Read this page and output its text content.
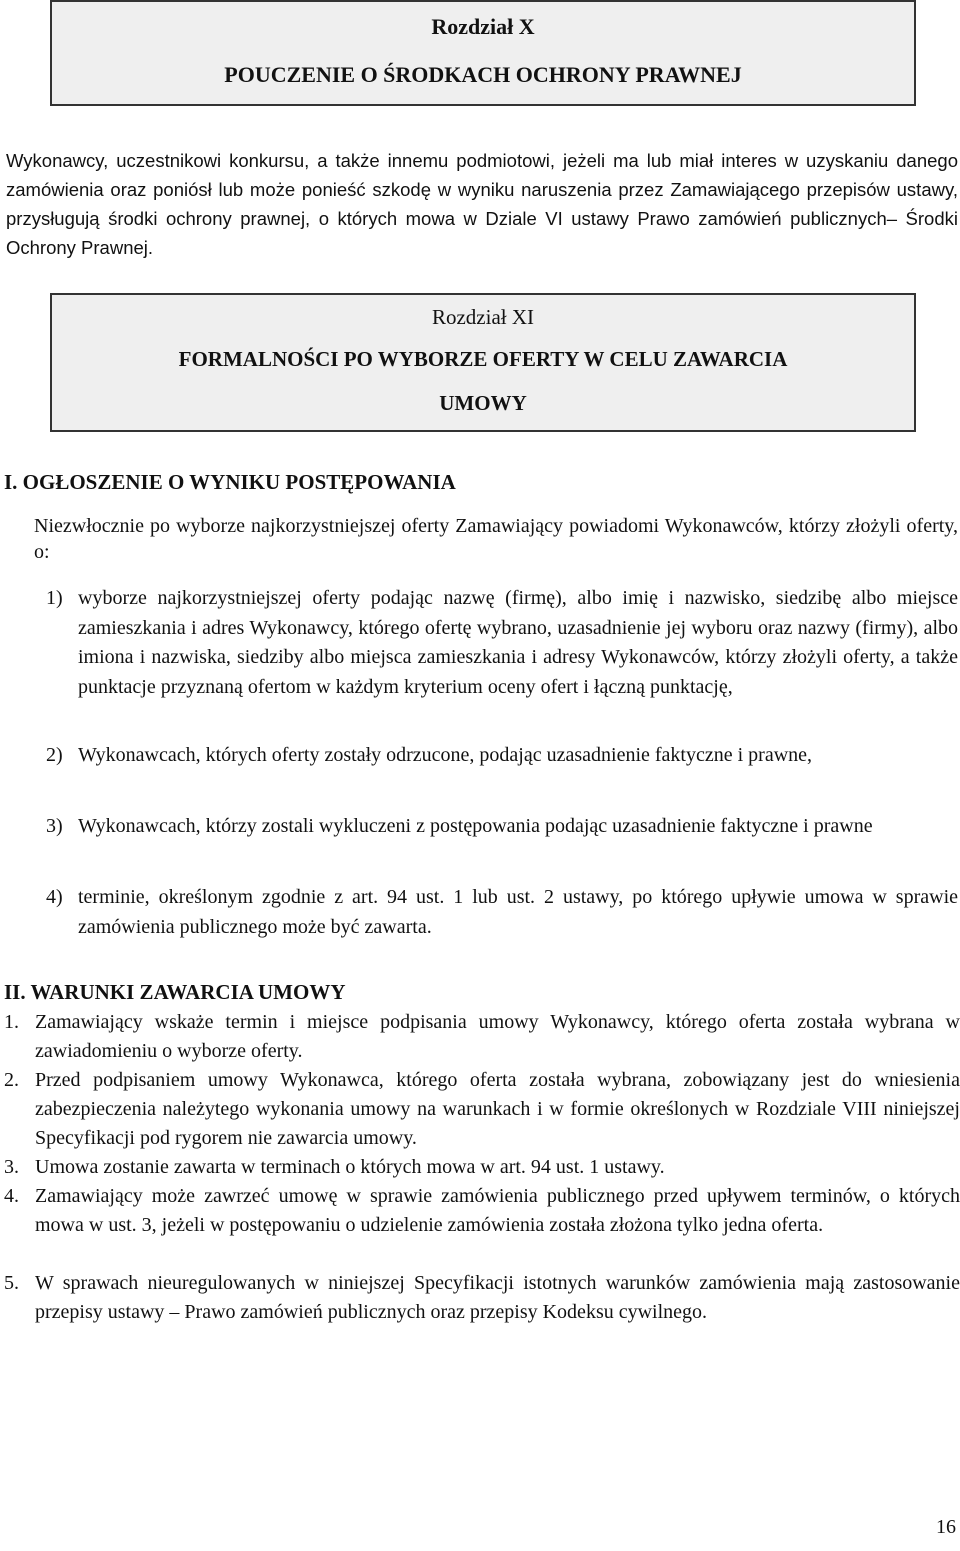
Rozdział X
POUCZENIE O ŚRODKACH OCHRONY PRAWNEJ
Wykonawcy, uczestnikowi konkursu, a także innemu podmiotowi, jeżeli ma lub miał interes w uzyskaniu danego zamówienia oraz poniósł lub może ponieść szkodę w wyniku naruszenia przez Zamawiającego przepisów ustawy, przysługują środki ochrony prawnej, o których mowa w Dziale VI ustawy Prawo zamówień publicznych– Środki Ochrony Prawnej.
Rozdział XI
FORMALNOŚCI PO WYBORZE OFERTY W CELU ZAWARCIA
UMOWY
I. OGŁOSZENIE O WYNIKU POSTĘPOWANIA
Niezwłocznie po wyborze najkorzystniejszej oferty Zamawiający powiadomi Wykonawców, którzy złożyli oferty, o:
1) wyborze najkorzystniejszej oferty podając nazwę (firmę), albo imię i nazwisko, siedzibę albo miejsce zamieszkania i adres Wykonawcy, którego ofertę wybrano, uzasadnienie jej wyboru oraz nazwy (firmy), albo imiona i nazwiska, siedziby albo miejsca zamieszkania i adresy Wykonawców, którzy złożyli oferty, a także punktacje przyznaną ofertom w każdym kryterium oceny ofert i łączną punktację,
2) Wykonawcach, których oferty zostały odrzucone, podając uzasadnienie faktyczne i prawne,
3) Wykonawcach, którzy zostali wykluczeni z postępowania podając uzasadnienie faktyczne i prawne
4) terminie, określonym zgodnie z art. 94 ust. 1 lub ust. 2 ustawy, po którego upływie umowa w sprawie zamówienia publicznego może być zawarta.
II. WARUNKI ZAWARCIA UMOWY
1. Zamawiający wskaże termin i miejsce podpisania umowy Wykonawcy, którego oferta została wybrana w zawiadomieniu o wyborze oferty.
2. Przed podpisaniem umowy Wykonawca, którego oferta została wybrana, zobowiązany jest do wniesienia zabezpieczenia należytego wykonania umowy na warunkach i w formie określonych w Rozdziale VIII niniejszej Specyfikacji pod rygorem nie zawarcia umowy.
3. Umowa zostanie zawarta w terminach o których mowa w art. 94 ust. 1 ustawy.
4. Zamawiający może zawrzeć umowę w sprawie zamówienia publicznego przed upływem terminów, o których mowa w ust. 3, jeżeli w postępowaniu o udzielenie zamówienia została złożona tylko jedna oferta.
5. W sprawach nieuregulowanych w niniejszej Specyfikacji istotnych warunków zamówienia mają zastosowanie przepisy ustawy – Prawo zamówień publicznych oraz przepisy Kodeksu cywilnego.
16
